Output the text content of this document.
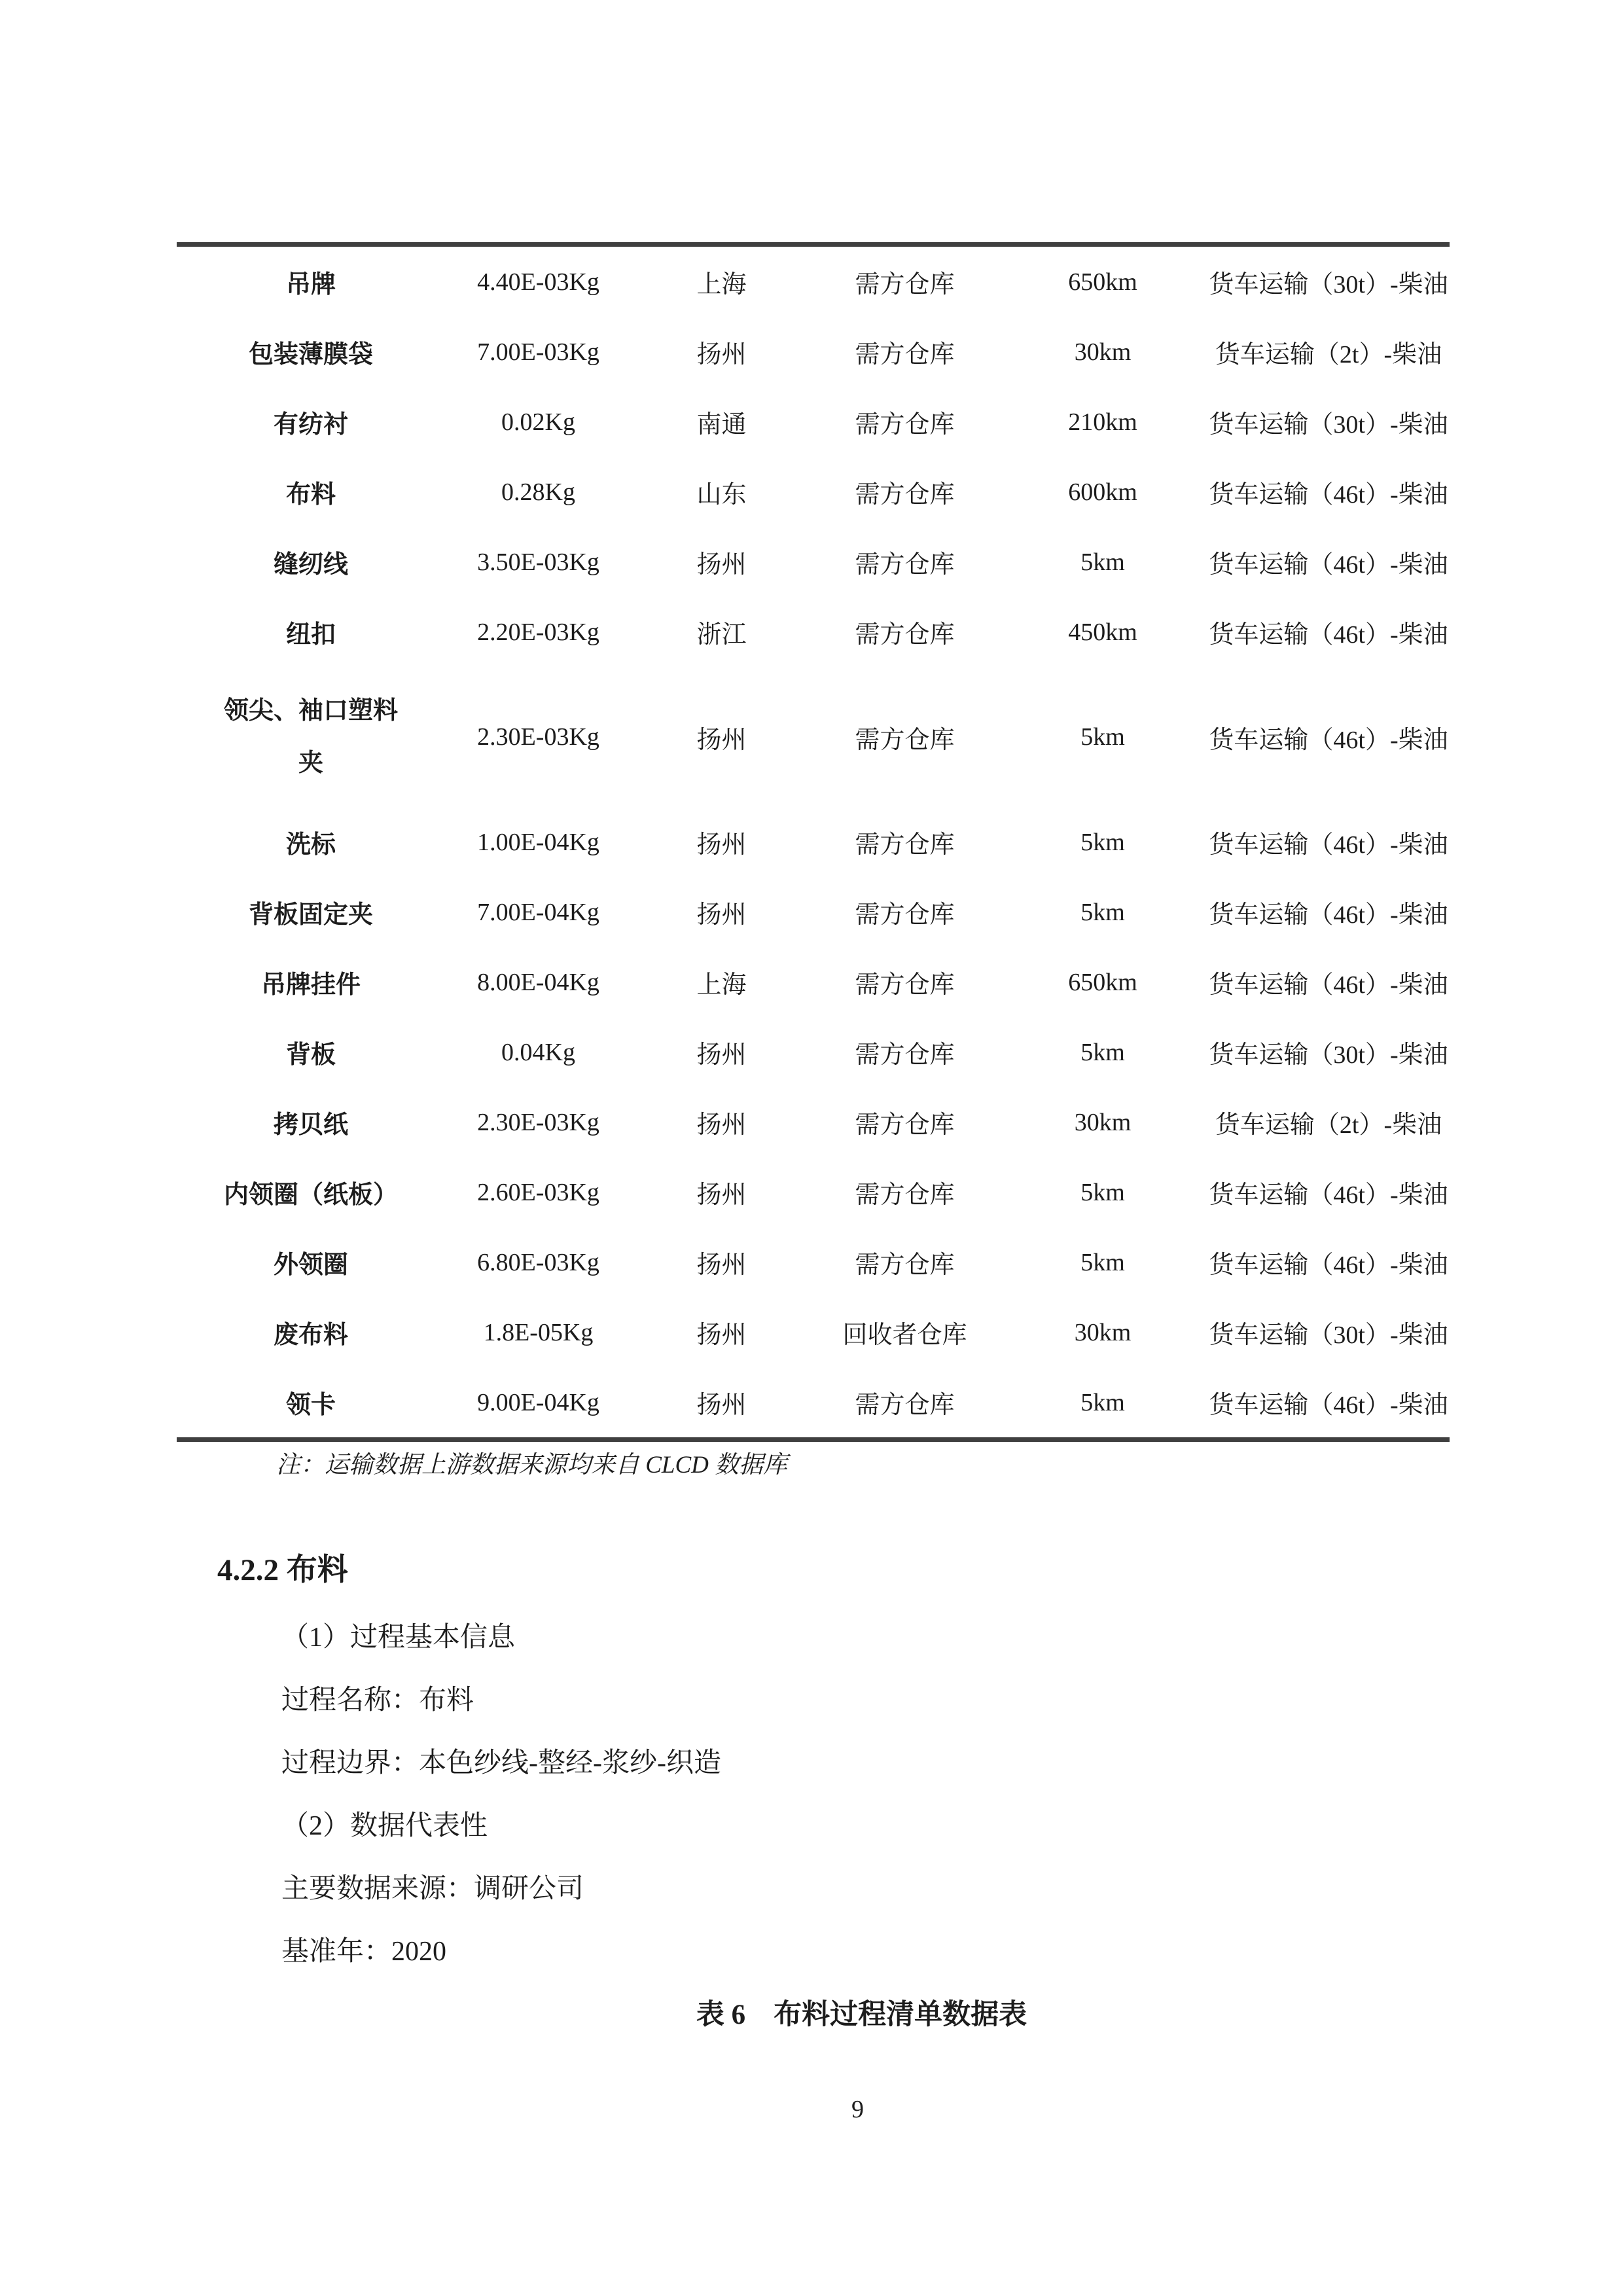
吊牌	4.40E-03Kg	上海	需方仓库	650km	货车运输（30t）-柴油
包装薄膜袋	7.00E-03Kg	扬州	需方仓库	30km	货车运输（2t）-柴油
有纺衬	0.02Kg	南通	需方仓库	210km	货车运输（30t）-柴油
布料	0.28Kg	山东	需方仓库	600km	货车运输（46t）-柴油
缝纫线	3.50E-03Kg	扬州	需方仓库	5km	货车运输（46t）-柴油
纽扣	2.20E-03Kg	浙江	需方仓库	450km	货车运输（46t）-柴油
领尖、袖口塑料夹	2.30E-03Kg	扬州	需方仓库	5km	货车运输（46t）-柴油
洗标	1.00E-04Kg	扬州	需方仓库	5km	货车运输（46t）-柴油
背板固定夹	7.00E-04Kg	扬州	需方仓库	5km	货车运输（46t）-柴油
吊牌挂件	8.00E-04Kg	上海	需方仓库	650km	货车运输（46t）-柴油
背板	0.04Kg	扬州	需方仓库	5km	货车运输（30t）-柴油
拷贝纸	2.30E-03Kg	扬州	需方仓库	30km	货车运输（2t）-柴油
内领圈（纸板）	2.60E-03Kg	扬州	需方仓库	5km	货车运输（46t）-柴油
外领圈	6.80E-03Kg	扬州	需方仓库	5km	货车运输（46t）-柴油
废布料	1.8E-05Kg	扬州	回收者仓库	30km	货车运输（30t）-柴油
领卡	9.00E-04Kg	扬州	需方仓库	5km	货车运输（46t）-柴油
注：运输数据上游数据来源均来自 CLCD 数据库
4.2.2 布料

（1）过程基本信息

过程名称：布料

过程边界：本色纱线-整经-浆纱-织造

（2）数据代表性

主要数据来源：调研公司

基准年：2020

表 6　布料过程清单数据表
9
